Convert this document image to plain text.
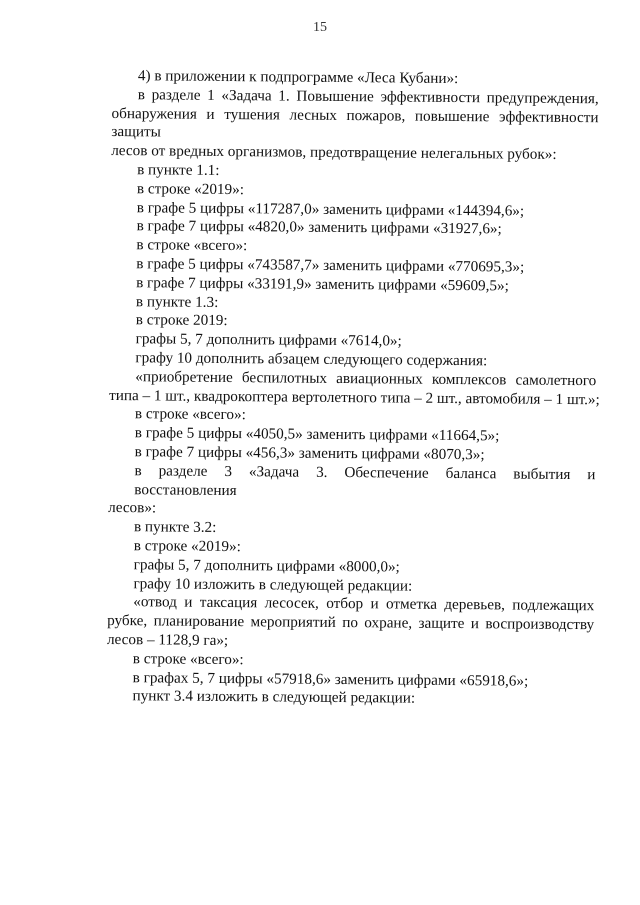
15
4) в приложении к подпрограмме «Леса Кубани»:
в разделе 1 «Задача 1. Повышение эффективности предупреждения,
обнаружения и тушения лесных пожаров, повышение эффективности защиты
лесов от вредных организмов, предотвращение нелегальных рубок»:
в пункте 1.1:
в строке «2019»:
в графе 5 цифры «117287,0» заменить цифрами «144394,6»;
в графе 7 цифры «4820,0» заменить цифрами «31927,6»;
в строке «всего»:
в графе 5 цифры «743587,7» заменить цифрами «770695,3»;
в графе 7 цифры «33191,9» заменить цифрами «59609,5»;
в пункте 1.3:
в строке 2019:
графы 5, 7 дополнить цифрами «7614,0»;
графу 10 дополнить абзацем следующего содержания:
«приобретение беспилотных авиационных комплексов самолетного
типа – 1 шт., квадрокоптера вертолетного типа – 2 шт., автомобиля – 1 шт.»;
в строке «всего»:
в графе 5 цифры «4050,5» заменить цифрами «11664,5»;
в графе 7 цифры «456,3» заменить цифрами «8070,3»;
в разделе 3 «Задача 3. Обеспечение баланса выбытия и восстановления
лесов»:
в пункте 3.2:
в строке «2019»:
графы 5, 7 дополнить цифрами «8000,0»;
графу 10 изложить в следующей редакции:
«отвод и таксация лесосек, отбор и отметка деревьев, подлежащих
рубке, планирование мероприятий по охране, защите и воспроизводству
лесов – 1128,9 га»;
в строке «всего»:
в графах 5, 7 цифры «57918,6» заменить цифрами «65918,6»;
пункт 3.4 изложить в следующей редакции:
